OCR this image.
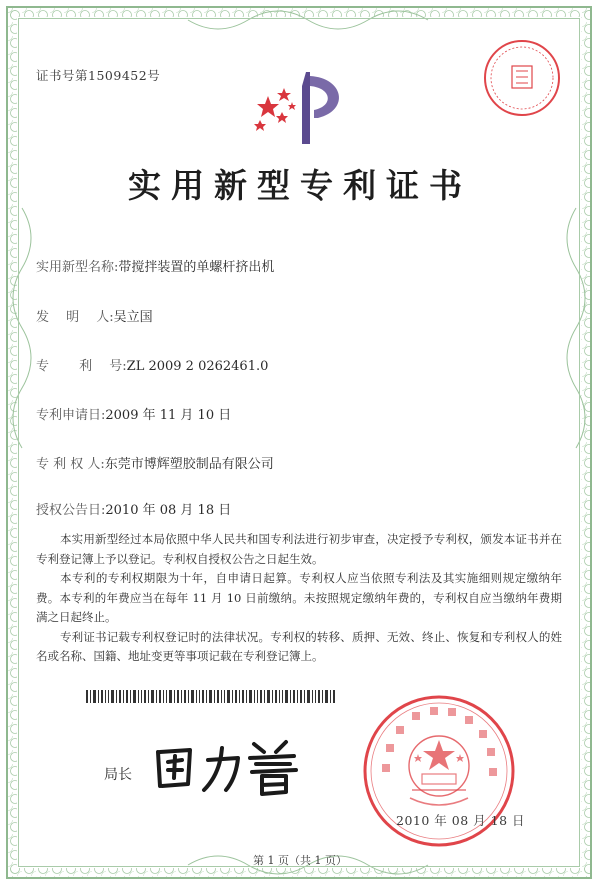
证书号第1509452号
实用新型专利证书
实用新型名称:带搅拌装置的单螺杆挤出机
发　 明　 人:吴立国
专　　 利　 号:ZL 2009 2 0262461.0
专利申请日:2009 年 11 月 10 日
专 利 权 人:东莞市博辉塑胶制品有限公司
授权公告日:2010 年 08 月 18 日

本实用新型经过本局依照中华人民共和国专利法进行初步审查，决定授予专利权，颁发本证书并在专利登记簿上予以登记。专利权自授权公告之日起生效。

本专利的专利权期限为十年，自申请日起算。专利权人应当依照专利法及其实施细则规定缴纳年费。本专利的年费应当在每年 11 月 10 日前缴纳。未按照规定缴纳年费的，专利权自应当缴纳年费期满之日起终止。

专利证书记载专利权登记时的法律状况。专利权的转移、质押、无效、终止、恢复和专利权人的姓名或名称、国籍、地址变更等事项记载在专利登记簿上。

局长
2010 年 08 月 18 日
第 1 页（共 1 页）
